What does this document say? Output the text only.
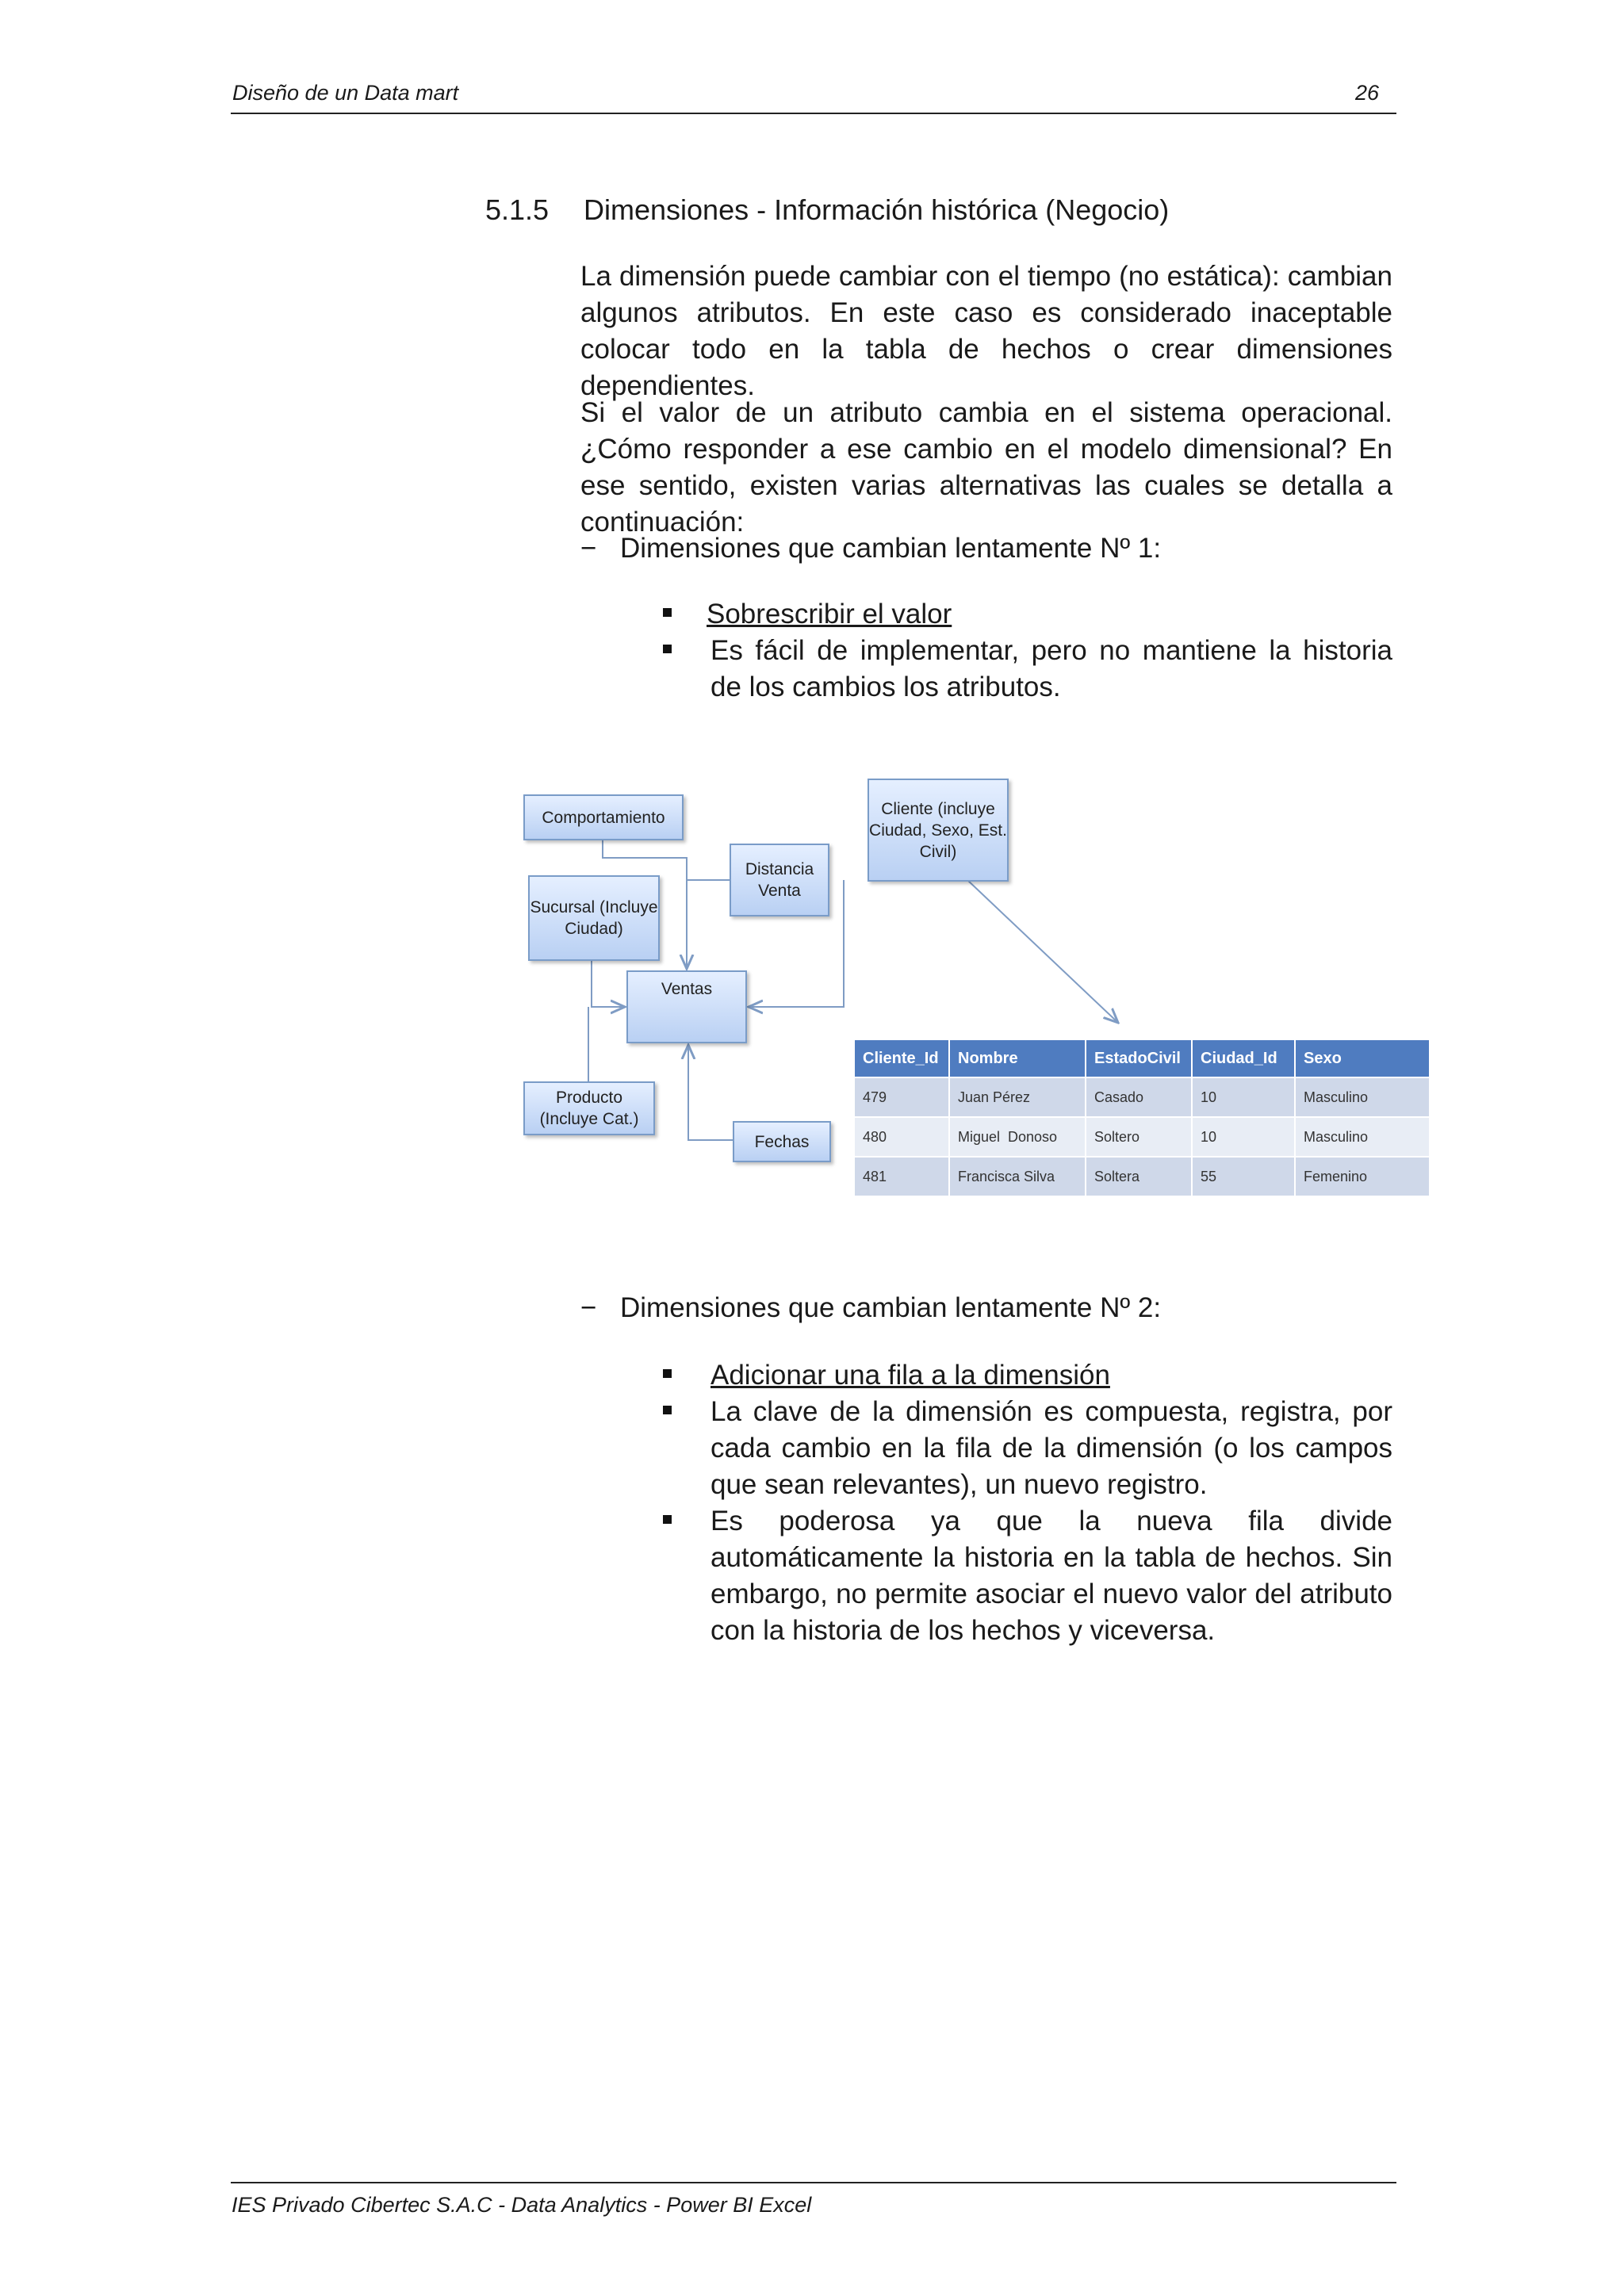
Diseño de un Data mart	26
5.1.5 Dimensiones - Información histórica (Negocio)
La dimensión puede cambiar con el tiempo (no estática): cambian algunos atributos. En este caso es considerado inaceptable colocar todo en la tabla de hechos o crear dimensiones dependientes.
Si el valor de un atributo cambia en el sistema operacional. ¿Cómo responder a ese cambio en el modelo dimensional? En ese sentido, existen varias alternativas las cuales se detalla a continuación:
− Dimensiones que cambian lentamente Nº 1:
Sobrescribir el valor
Es fácil de implementar, pero no mantiene la historia de los cambios los atributos.
Comportamiento
Distancia Venta
Cliente (incluye Ciudad, Sexo, Est. Civil)
Sucursal (Incluye Ciudad)
Ventas
Producto (Incluye Cat.)
Fechas
Cliente_Id	Nombre	EstadoCivil	Ciudad_Id	Sexo
479	Juan Pérez	Casado	10	Masculino
480	Miguel  Donoso	Soltero	10	Masculino
481	Francisca Silva	Soltera	55	Femenino
− Dimensiones que cambian lentamente Nº 2:
Adicionar una fila a la dimensión
La clave de la dimensión es compuesta, registra, por cada cambio en la fila de la dimensión (o los campos que sean relevantes), un nuevo registro.
Es poderosa ya que la nueva fila divide automáticamente la historia en la tabla de hechos. Sin embargo, no permite asociar el nuevo valor del atributo con la historia de los hechos y viceversa.
IES Privado Cibertec S.A.C - Data Analytics - Power BI Excel
